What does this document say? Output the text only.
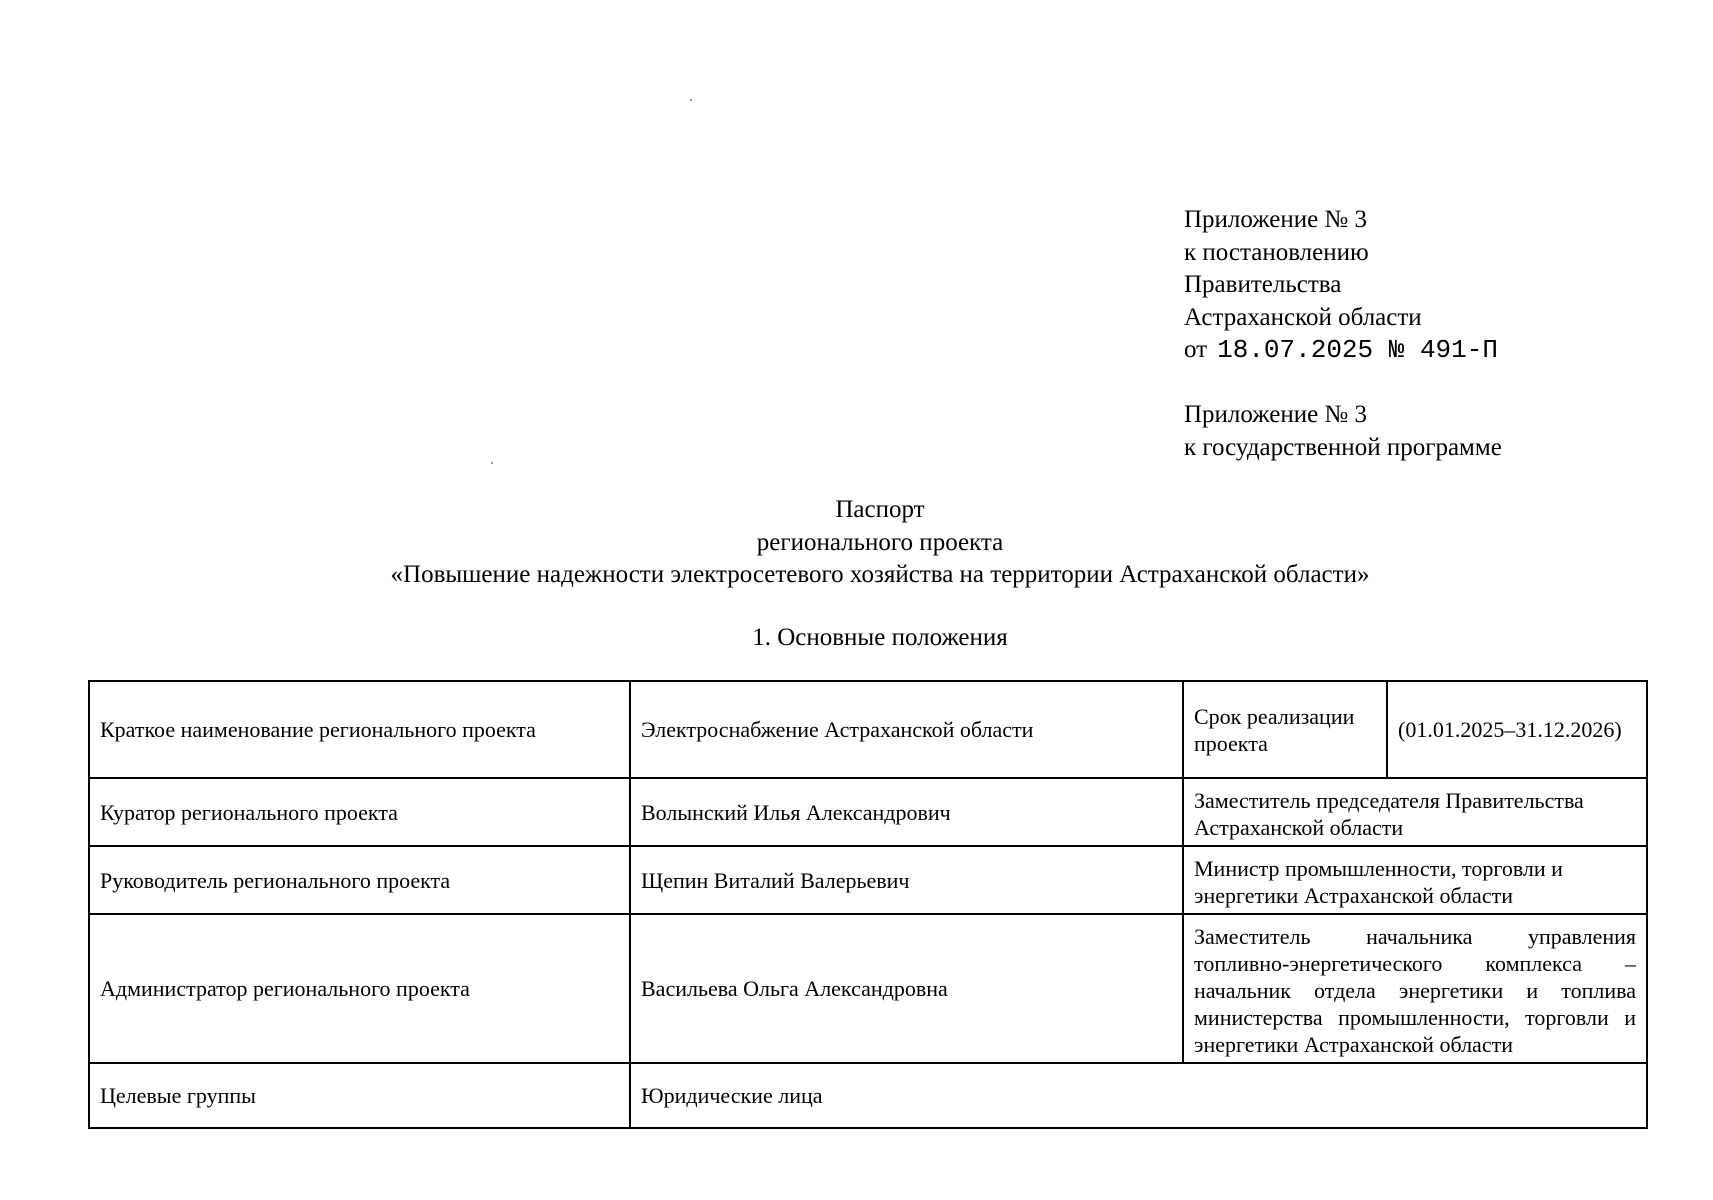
Приложение № 3
к постановлению
Правительства
Астраханской области
от 18.07.2025 № 491-П
Приложение № 3
к государственной программе
Паспорт
регионального проекта
«Повышение надежности электросетевого хозяйства на территории Астраханской области»
1. Основные положения
Краткое наименование регионального проекта	Электроснабжение Астраханской области	Срок реализации проекта	(01.01.2025–31.12.2026)
Куратор регионального проекта	Волынский Илья Александрович	Заместитель председателя Правительства Астраханской области	
Руководитель регионального проекта	Щепин Виталий Валерьевич	Министр промышленности, торговли и энергетики Астраханской области	
Администратор регионального проекта	Васильева Ольга Александровна	Заместитель начальника управления топливно-энергетического комплекса – начальник отдела энергетики и топлива министерства промышленности, торговли и энергетики Астраханской области	
Целевые группы	Юридические лица		
